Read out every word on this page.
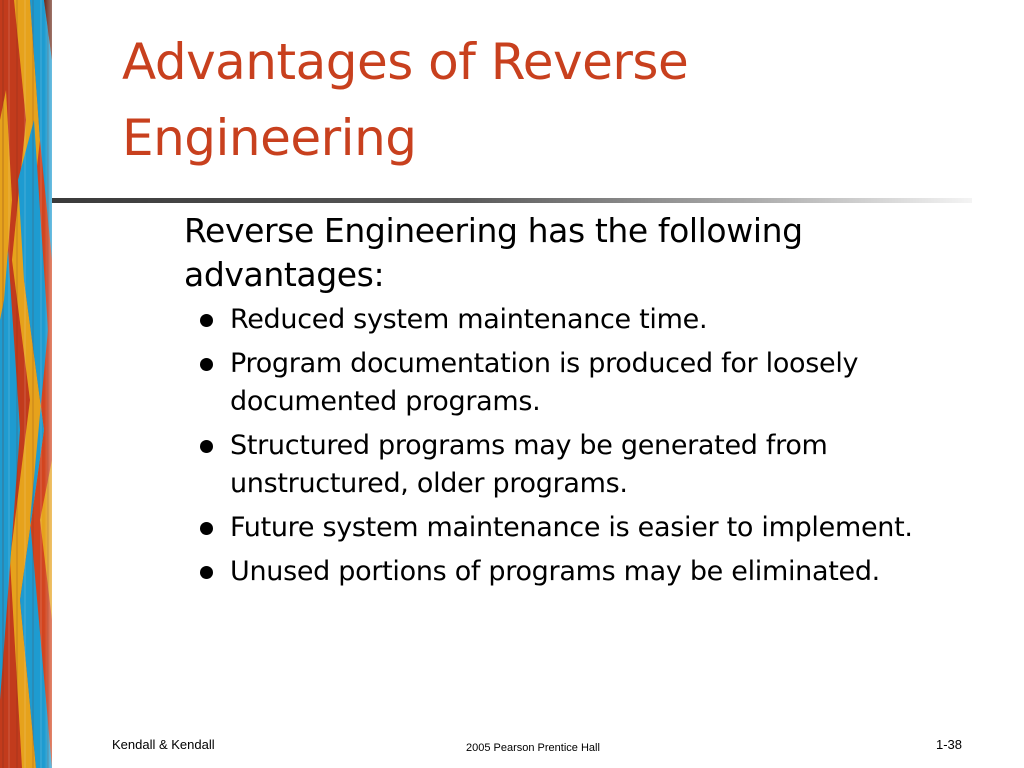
Advantages of Reverse
Engineering

Reverse Engineering has the following advantages:

Reduced system maintenance time.
Program documentation is produced for loosely documented programs.
Structured programs may be generated from unstructured, older programs.
Future system maintenance is easier to implement.
Unused portions of programs may be eliminated.
Kendall & Kendall	2005 Pearson Prentice Hall	1-38
